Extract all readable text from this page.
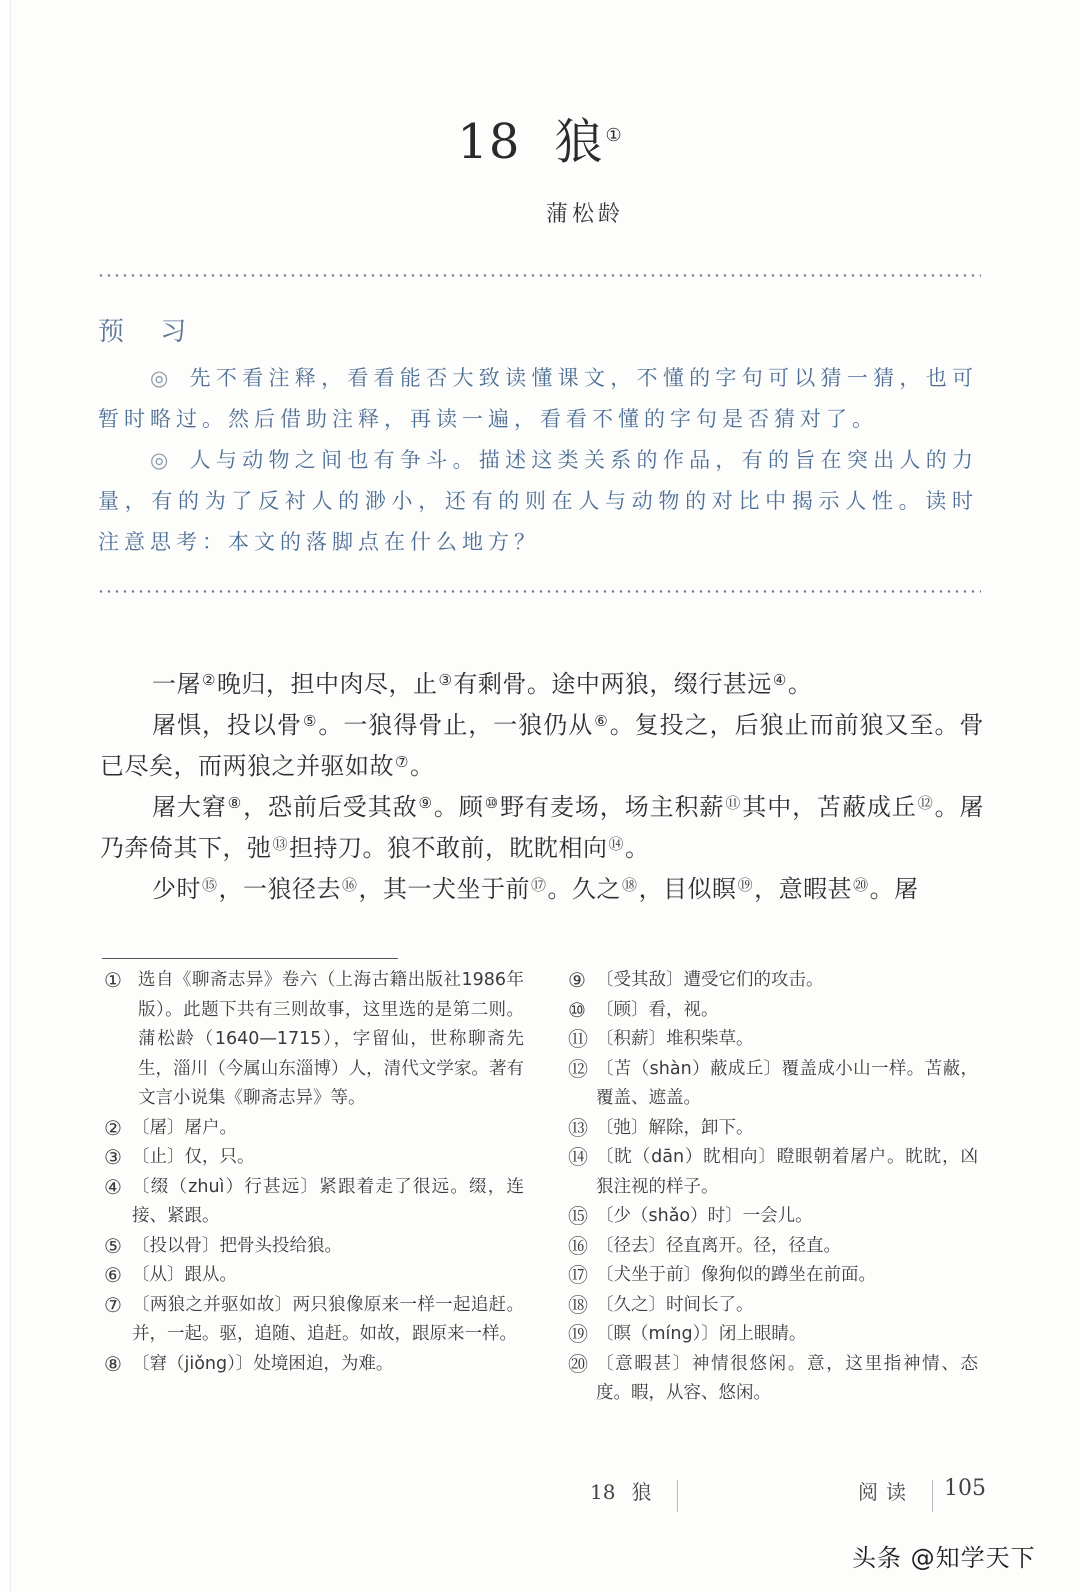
18 狼 ①
蒲松龄
预 习

◎ 先不看注释，看看能否大致读懂课文，不懂的字句可以猜一猜，也可暂时略过。然后借助注释，再读一遍，看看不懂的字句是否猜对了。

◎ 人与动物之间也有争斗。描述这类关系的作品，有的旨在突出人的力量，有的为了反衬人的渺小，还有的则在人与动物的对比中揭示人性。读时注意思考：本文的落脚点在什么地方？

一屠②晚归，担中肉尽，止③有剩骨。途中两狼，缀行甚远④。

屠惧，投以骨⑤。一狼得骨止，一狼仍从⑥。复投之，后狼止而前狼又至。骨已尽矣，而两狼之并驱如故⑦。

屠大窘⑧，恐前后受其敌⑨。顾⑩野有麦场，场主积薪⑪其中，苫蔽成丘⑫。屠乃奔倚其下，弛⑬担持刀。狼不敢前，眈眈相向⑭。

少时⑮，一狼径去⑯，其一犬坐于前⑰。久之⑱，目似瞑⑲，意暇甚⑳。屠

① 选自《聊斋志异》卷六（上海古籍出版社1986年版）。此题下共有三则故事，这里选的是第二则。蒲松龄（1640—1715），字留仙，世称聊斋先生，淄川（今属山东淄博）人，清代文学家。著有文言小说集《聊斋志异》等。
② 〔屠〕屠户。
③ 〔止〕仅，只。
④ 〔缀（zhuì）行甚远〕紧跟着走了很远。缀，连接、紧跟。
⑤ 〔投以骨〕把骨头投给狼。
⑥ 〔从〕跟从。
⑦ 〔两狼之并驱如故〕两只狼像原来一样一起追赶。并，一起。驱，追随、追赶。如故，跟原来一样。
⑧ 〔窘（jiǒng）〕处境困迫，为难。
⑨ 〔受其敌〕遭受它们的攻击。
⑩ 〔顾〕看，视。
⑪ 〔积薪〕堆积柴草。
⑫ 〔苫（shàn）蔽成丘〕覆盖成小山一样。苫蔽，覆盖、遮盖。
⑬ 〔弛〕解除，卸下。
⑭ 〔眈（dān）眈相向〕瞪眼朝着屠户。眈眈，凶狠注视的样子。
⑮ 〔少（shǎo）时〕一会儿。
⑯ 〔径去〕径直离开。径，径直。
⑰ 〔犬坐于前〕像狗似的蹲坐在前面。
⑱ 〔久之〕时间长了。
⑲ 〔瞑（míng）〕闭上眼睛。
⑳ 〔意暇甚〕神情很悠闲。意，这里指神情、态度。暇，从容、悠闲。
18 狼	阅读 105
头条 @知学天下
